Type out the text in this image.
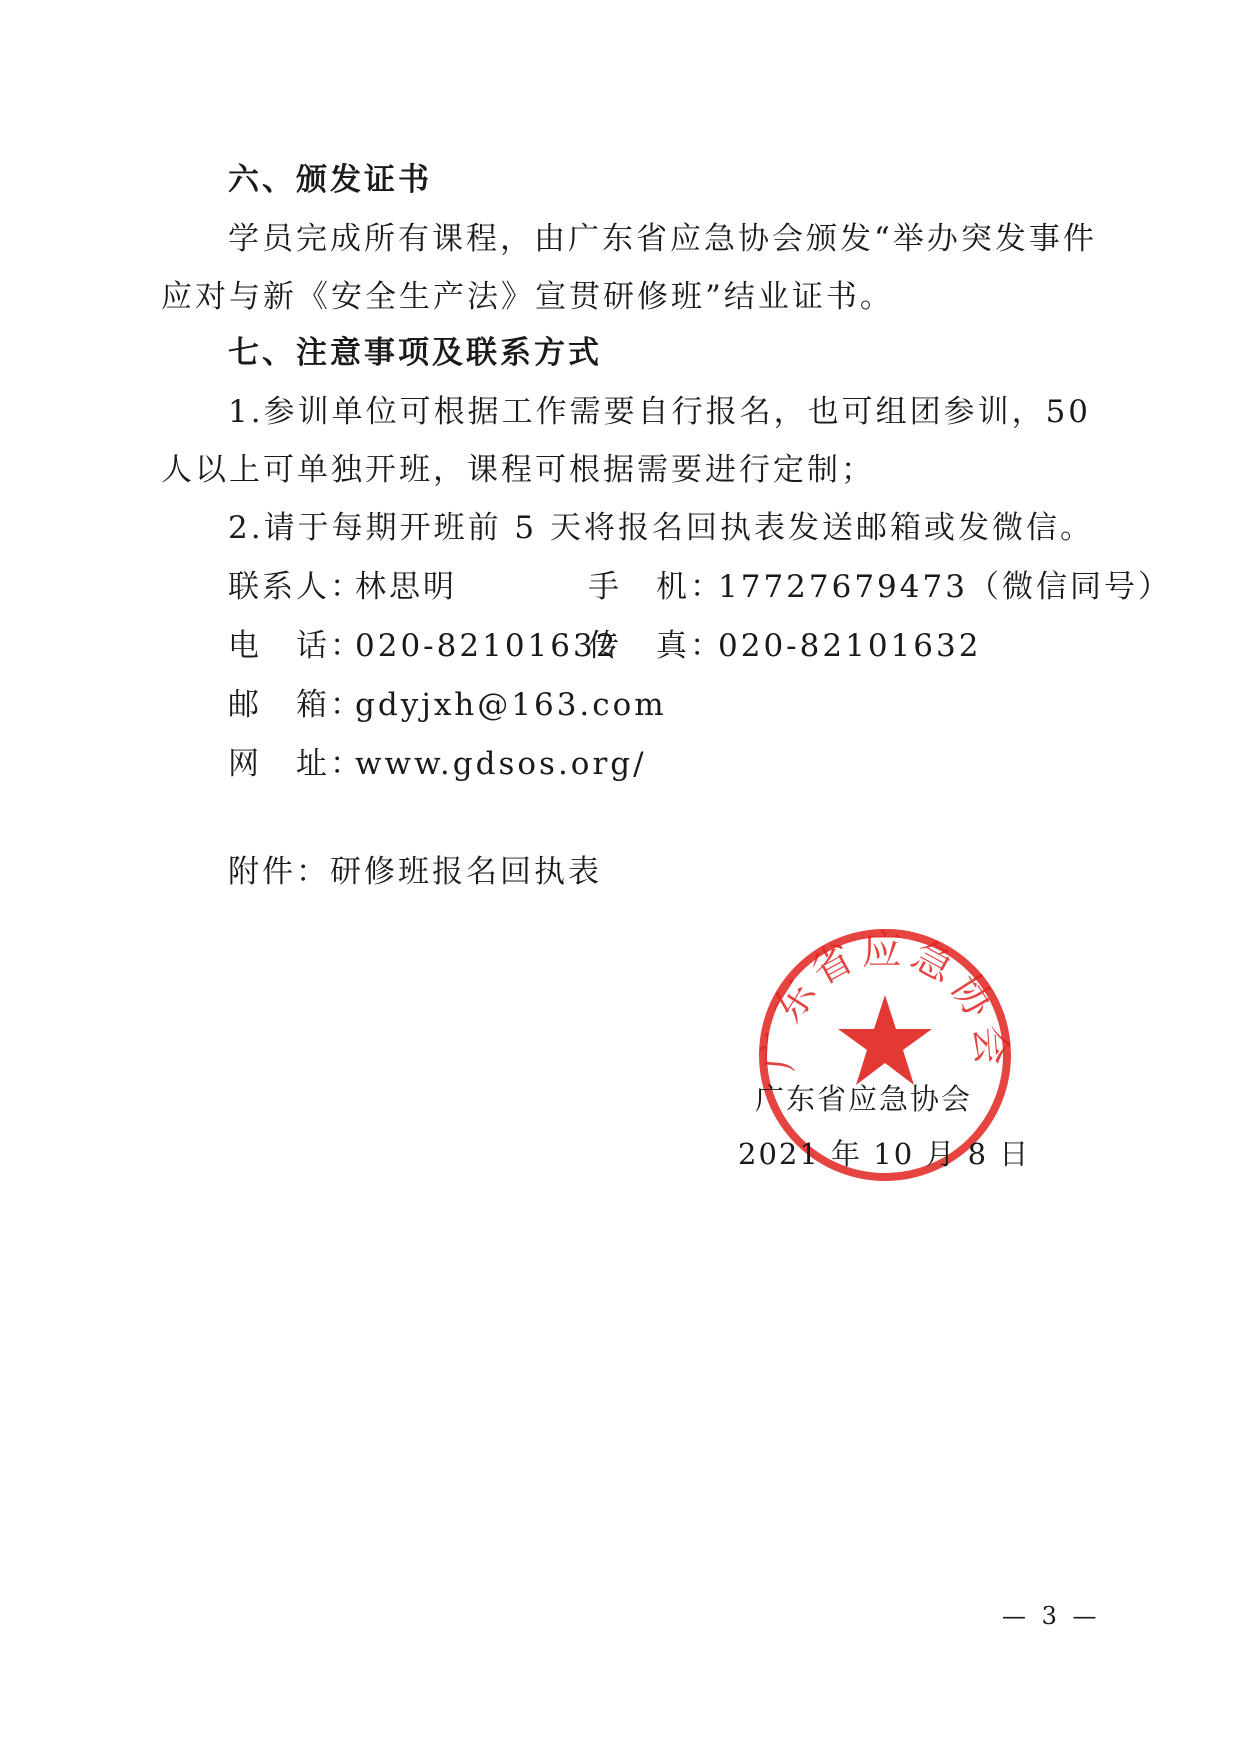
六、颁发证书
学员完成所有课程，由广东省应急协会颁发“举办突发事件
应对与新《安全生产法》宣贯研修班”结业证书。
七、注意事项及联系方式
1.参训单位可根据工作需要自行报名，也可组团参训，50
人以上可单独开班，课程可根据需要进行定制；
2.请于每期开班前 5 天将报名回执表发送邮箱或发微信。
联系人：
林思明	手　机：
17727679473（微信同号）
电　话：
020-82101632
传　真：
020-82101632
邮　箱：
gdyjxh@163.com
网　址：
www.gdsos.org/
附件：研修班报名回执表
广东省应急协会
广东省应急协会
2021 年 10 月 8 日
— 3 —
